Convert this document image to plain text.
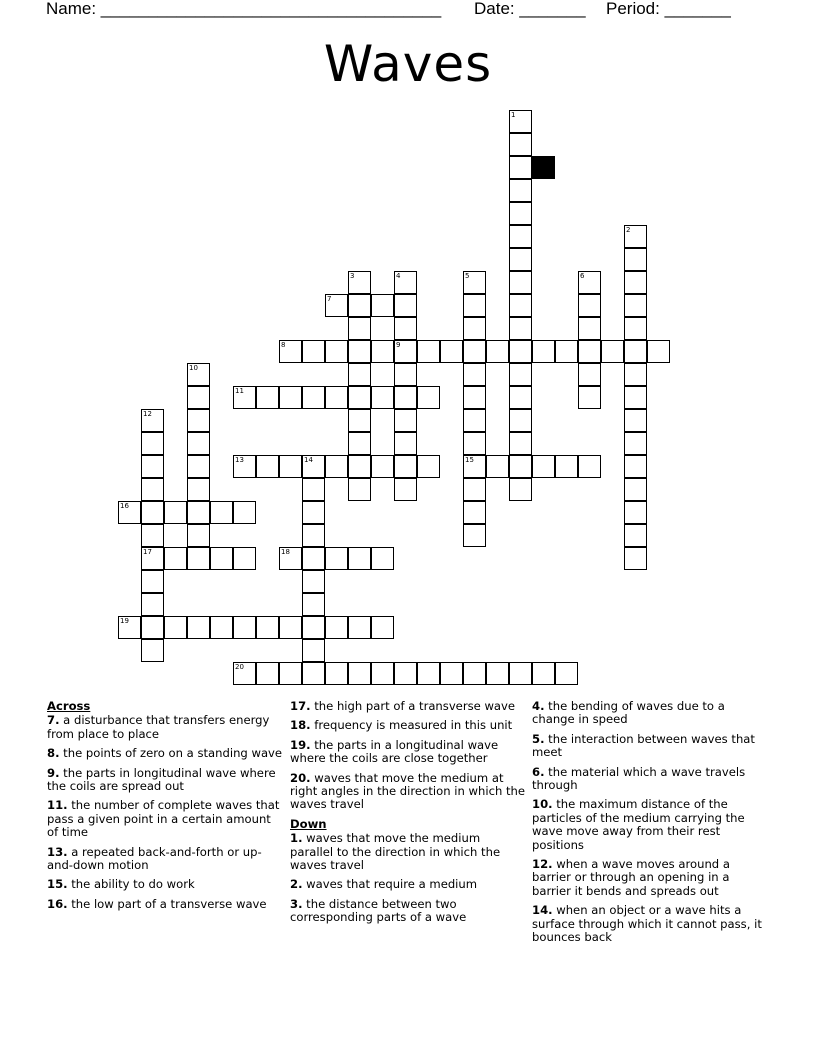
Name: ____________________________________ Date: _______ Period: _______
Waves
1
2
3	4
9
5
15
6
7
8
10
11
12
17
13	14
16
18
19
20
Across
7. a disturbance that transfers energy from place to place
8. the points of zero on a standing wave
9. the parts in longitudinal wave where the coils are spread out
11. the number of complete waves that pass a given point in a certain amount of time
13. a repeated back-and-forth or up-and-down motion
15. the ability to do work
16. the low part of a transverse wave
17. the high part of a transverse wave
18. frequency is measured in this unit
19. the parts in a longitudinal wave where the coils are close together
20. waves that move the medium at right angles in the direction in which the waves travel
Down
1. waves that move the medium parallel to the direction in which the waves travel
2. waves that require a medium
3. the distance between two corresponding parts of a wave
4. the bending of waves due to a change in speed
5. the interaction between waves that meet
6. the material which a wave travels through
10. the maximum distance of the particles of the medium carrying the wave move away from their rest positions
12. when a wave moves around a barrier or through an opening in a barrier it bends and spreads out
14. when an object or a wave hits a surface through which it cannot pass, it bounces back
